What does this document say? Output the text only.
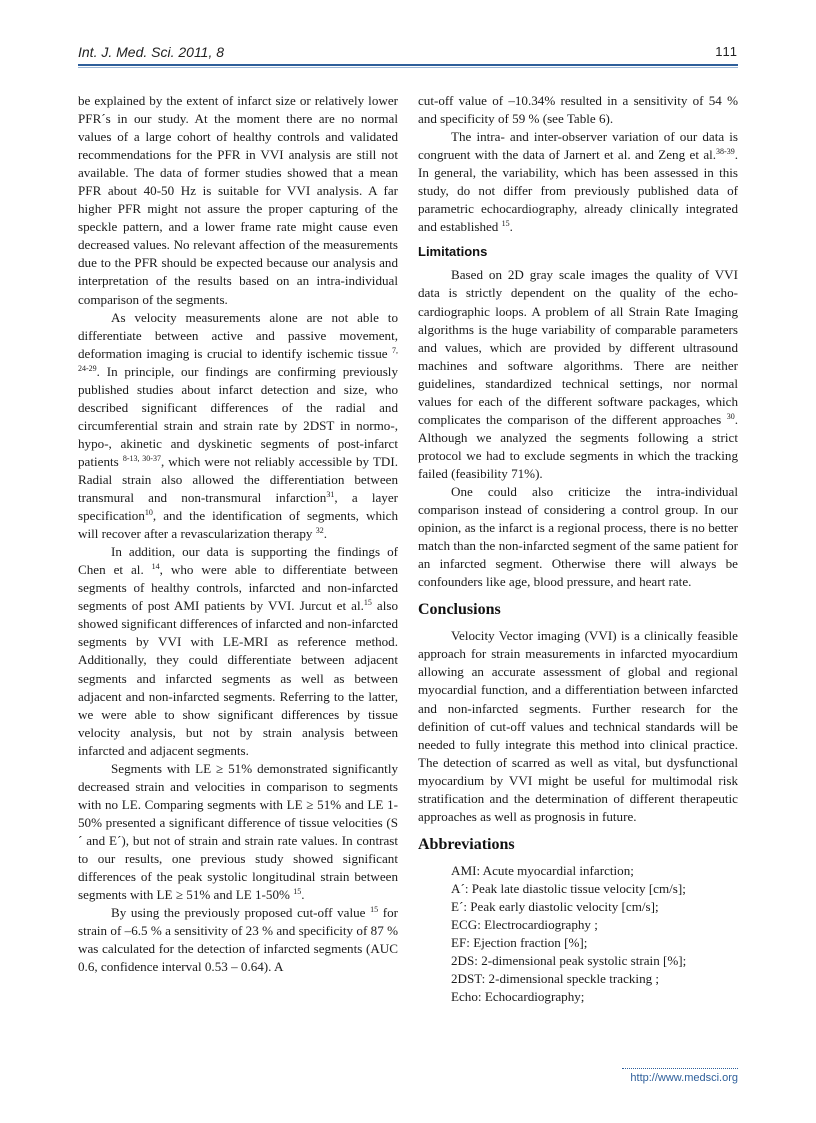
Int. J. Med. Sci. 2011, 8	111

be explained by the extent of infarct size or relatively lower PFR´s in our study. At the moment there are no normal values of a large cohort of healthy controls and validated recommendations for the PFR in VVI analysis are still not available. The data of former studies showed that a mean PFR about 40-50 Hz is suitable for VVI analysis. A far higher PFR might not assure the proper capturing of the speckle pattern, and a lower frame rate might cause even decreased values. No relevant affection of the measurements due to the PFR should be expected because our analysis and interpretation of the results based on an intra-individual comparison of the segments.

As velocity measurements alone are not able to differentiate between active and passive movement, deformation imaging is crucial to identify ischemic tissue $^{7, 24-29}$. In principle, our findings are confirming previously published studies about infarct detection and size, who described significant differences of the radial and circumferential strain and strain rate by 2DST in normo-, hypo-, akinetic and dyskinetic segments of post-infarct patients $^{8-13, 30-37}$, which were not reliably accessible by TDI. Radial strain also allowed the differentiation between transmural and non-transmural infarction$^{31}$, a layer specification$^{10}$, and the identification of segments, which will recover after a revascularization therapy $^{32}$.

In addition, our data is supporting the findings of Chen et al. $^{14}$, who were able to differentiate between segments of healthy controls, infarcted and non-infarcted segments of post AMI patients by VVI. Jurcut et al.$^{15}$ also showed significant differences of infarcted and non-infarcted segments by VVI with LE-MRI as reference method. Additionally, they could differentiate between adjacent segments and infarcted segments as well as between adjacent and non-infarcted segments. Referring to the latter, we were able to show significant differences by tissue velocity analysis, but not by strain analysis between infarcted and adjacent segments.

Segments with LE ≥ 51% demonstrated significantly decreased strain and velocities in comparison to segments with no LE. Comparing segments with LE ≥ 51% and LE 1-50% presented a significant difference of tissue velocities (S´ and E´), but not of strain and strain rate values. In contrast to our results, one previous study showed significant differences of the peak systolic longitudinal strain between segments with LE ≥ 51% and LE 1-50% $^{15}$.

By using the previously proposed cut-off value $^{15}$ for strain of –6.5 % a sensitivity of 23 % and specificity of 87 % was calculated for the detection of infarcted segments (AUC 0.6, confidence interval 0.53 – 0.64). A

cut-off value of –10.34% resulted in a sensitivity of 54 % and specificity of 59 % (see Table 6).

The intra- and inter-observer variation of our data is congruent with the data of Jarnert et al. and Zeng et al.$^{38-39}$. In general, the variability, which has been assessed in this study, do not differ from previously published data of parametric echocardiography, already clinically integrated and established $^{15}$.

Limitations

Based on 2D gray scale images the quality of VVI data is strictly dependent on the quality of the echocardiographic loops. A problem of all Strain Rate Imaging algorithms is the huge variability of comparable parameters and values, which are provided by different ultrasound machines and software algorithms. There are neither guidelines, standardized technical settings, nor normal values for each of the different software packages, which complicates the comparison of the different approaches $^{30}$. Although we analyzed the segments following a strict protocol we had to exclude segments in which the tracking failed (feasibility 71%).

One could also criticize the intra-individual comparison instead of considering a control group. In our opinion, as the infarct is a regional process, there is no better match than the non-infarcted segment of the same patient for an infarcted segment. Otherwise there will always be confounders like age, blood pressure, and heart rate.

Conclusions

Velocity Vector imaging (VVI) is a clinically feasible approach for strain measurements in infarcted myocardium allowing an accurate assessment of global and regional myocardial function, and a differentiation between infarcted and non-infarcted segments. Further research for the definition of cut-off values and technical standards will be needed to fully integrate this method into clinical practice. The detection of scarred as well as vital, but dysfunctional myocardium by VVI might be useful for multimodal risk stratification and the determination of different therapeutic approaches as well as prognosis in future.

Abbreviations
AMI: Acute myocardial infarction;
A´: Peak late diastolic tissue velocity [cm/s];
E´: Peak early diastolic velocity [cm/s];
ECG: Electrocardiography ;
EF: Ejection fraction [%];
2DS: 2-dimensional peak systolic strain [%];
2DST: 2-dimensional speckle tracking ;
Echo: Echocardiography;
http://www.medsci.org
